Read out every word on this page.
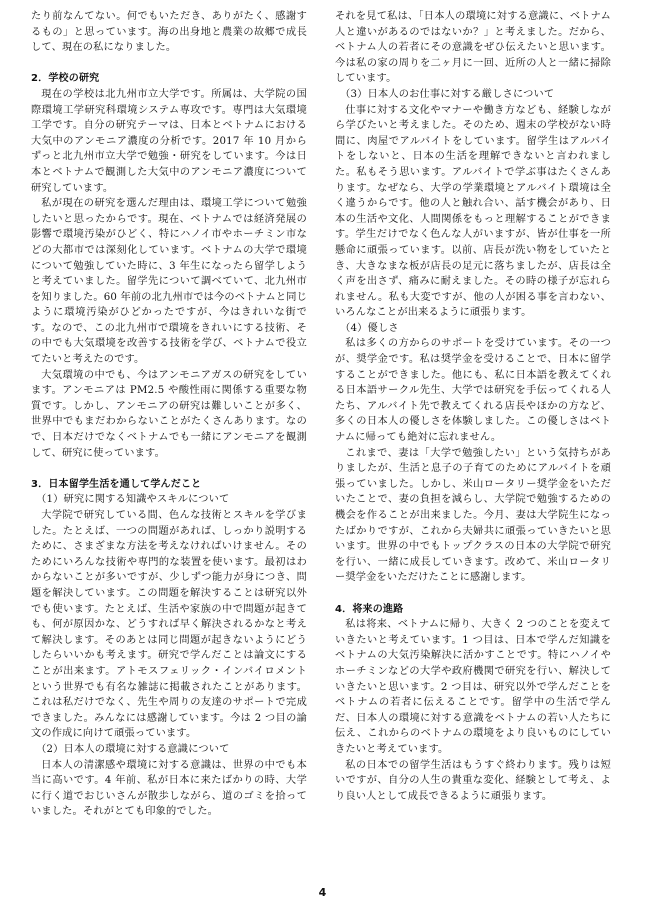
たり前なんてない。何でもいただき、ありがたく、感謝するもの」と思っています。海の出身地と農業の故郷で成長して、現在の私になりました。

2．学校の研究

現在の学校は北九州市立大学です。所属は、大学院の国際環境工学研究科環境システム専攻です。専門は大気環境工学です。自分の研究テーマは、日本とベトナムにおける大気中のアンモニア濃度の分析です。2017 年 10 月からずっと北九州市立大学で勉強・研究をしています。今は日本とベトナムで観測した大気中のアンモニア濃度について研究しています。

私が現在の研究を選んだ理由は、環境工学について勉強したいと思ったからです。現在、ベトナムでは経済発展の影響で環境汚染がひどく、特にハノイ市やホーチミン市などの大都市では深刻化しています。ベトナムの大学で環境について勉強していた時に、3 年生になったら留学しようと考えていました。留学先について調べていて、北九州市を知りました。60 年前の北九州市では今のベトナムと同じように環境汚染がひどかったですが、今はきれいな街です。なので、この北九州市で環境をきれいにする技術、その中でも大気環境を改善する技術を学び、ベトナムで役立てたいと考えたのです。

大気環境の中でも、今はアンモニアガスの研究をしています。アンモニアは PM2.5 や酸性雨に関係する重要な物質です。しかし、アンモニアの研究は難しいことが多く、世界中でもまだわからないことがたくさんあります。なので、日本だけでなくベトナムでも一緒にアンモニアを観測して、研究に使っています。

3．日本留学生活を通して学んだこと

（1）研究に関する知識やスキルについて

大学院で研究している間、色んな技術とスキルを学びました。たとえば、一つの問題があれば、しっかり説明するために、さまざまな方法を考えなければいけません。そのためにいろんな技術や専門的な装置を使います。最初はわからないことが多いですが、少しずつ能力が身につき、問題を解決しています。この問題を解決することは研究以外でも使います。たとえば、生活や家族の中で問題が起きても、何が原因かな、どうすれば早く解決されるかなと考えて解決します。そのあとは同じ問題が起きないようにどうしたらいいかも考えます。研究で学んだことは論文にすることが出来ます。アトモスフェリック・インバイロメントという世界でも有名な雑誌に掲載されたことがあります。これは私だけでなく、先生や周りの友達のサポートで完成できました。みんなには感謝しています。今は 2 つ目の論文の作成に向けて頑張っています。

（2）日本人の環境に対する意識について

日本人の清潔感や環境に対する意識は、世界の中でも本当に高いです。4 年前、私が日本に来たばかりの時、大学に行く道でおじいさんが散歩しながら、道のゴミを拾っていました。それがとても印象的でした。

それを見て私は、「日本人の環境に対する意識に、ベトナム人と違いがあるのではないか？」と考えました。だから、ベトナム人の若者にその意識をぜひ伝えたいと思います。今は私の家の周りを二ヶ月に一回、近所の人と一緒に掃除しています。

（3）日本人のお仕事に対する厳しさについて

仕事に対する文化やマナーや働き方なども、経験しながら学びたいと考えました。そのため、週末の学校がない時間に、肉屋でアルバイトをしています。留学生はアルバイトをしないと、日本の生活を理解できないと言われました。私もそう思います。アルバイトで学ぶ事はたくさんあります。なぜなら、大学の学業環境とアルバイト環境は全く違うからです。他の人と触れ合い、話す機会があり、日本の生活や文化、人間関係をもっと理解することができます。学生だけでなく色んな人がいますが、皆が仕事を一所懸命に頑張っています。以前、店長が洗い物をしていたとき、大きなまな板が店長の足元に落ちましたが、店長は全く声を出さず、痛みに耐えました。その時の様子が忘れられません。私も大変ですが、他の人が困る事を言わない、いろんなことが出来るように頑張ります。

（4）優しさ

私は多くの方からのサポートを受けています。その一つが、奨学金です。私は奨学金を受けることで、日本に留学することができました。他にも、私に日本語を教えてくれる日本語サークル先生、大学では研究を手伝ってくれる人たち、アルバイト先で教えてくれる店長やほかの方など、多くの日本人の優しさを体験しました。この優しさはベトナムに帰っても絶対に忘れません。

これまで、妻は「大学で勉強したい」という気持ちがありましたが、生活と息子の子育てのためにアルバイトを頑張っていました。しかし、米山ロータリー奨学金をいただいたことで、妻の負担を減らし、大学院で勉強するための機会を作ることが出来ました。今月、妻は大学院生になったばかりですが、これから夫婦共に頑張っていきたいと思います。世界の中でもトップクラスの日本の大学院で研究を行い、一緒に成長していきます。改めて、米山ロータリー奨学金をいただけたことに感謝します。

4．将来の進路

私は将来、ベトナムに帰り、大きく 2 つのことを変えていきたいと考えています。1 つ目は、日本で学んだ知識をベトナムの大気汚染解決に活かすことです。特にハノイやホーチミンなどの大学や政府機関で研究を行い、解決していきたいと思います。2 つ目は、研究以外で学んだことをベトナムの若者に伝えることです。留学中の生活で学んだ、日本人の環境に対する意識をベトナムの若い人たちに伝え、これからのベトナムの環境をより良いものにしていきたいと考えています。

私の日本での留学生活はもうすぐ終わります。残りは短いですが、自分の人生の貴重な変化、経験として考え、より良い人として成長できるように頑張ります。

4
